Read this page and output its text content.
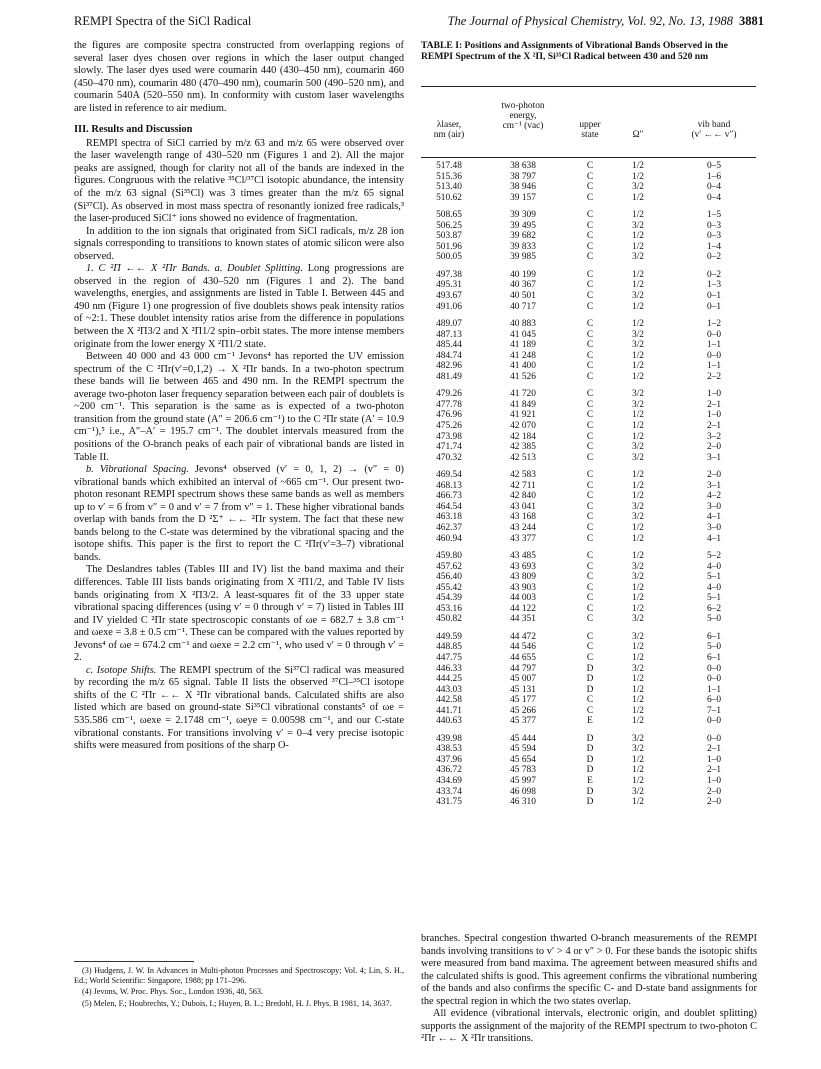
REMPI Spectra of the SiCl Radical	The Journal of Physical Chemistry, Vol. 92, No. 13, 1988 3881

the figures are composite spectra constructed from overlapping regions of several laser dyes chosen over regions in which the laser output changed slowly. The laser dyes used were coumarin 440 (430–450 nm), coumarin 460 (450–470 nm), coumarin 480 (470–490 nm), coumarin 500 (490–520 nm), and coumarin 540A (520–550 nm). In conformity with custom laser wavelengths are listed in reference to air medium.

III. Results and Discussion

REMPI spectra of SiCl carried by m/z 63 and m/z 65 were observed over the laser wavelength range of 430–520 nm (Figures 1 and 2). All the major peaks are assigned, though for clarity not all of the bands are indexed in the figures. Congruous with the relative ³⁵Cl/³⁷Cl isotopic abundance, the intensity of the m/z 63 signal (Si³⁵Cl) was 3 times greater than the m/z 65 signal (Si³⁷Cl). As observed in most mass spectra of resonantly ionized free radicals,³ the laser-produced SiCl⁺ ions showed no evidence of fragmentation.

In addition to the ion signals that originated from SiCl radicals, m/z 28 ion signals corresponding to transitions to known states of atomic silicon were also observed.

1. C ²Π ←← X ²Πr Bands. a. Doublet Splitting. Long progressions are observed in the region of 430–520 nm (Figures 1 and 2). The band wavelengths, energies, and assignments are listed in Table I. Between 445 and 490 nm (Figure 1) one progression of five doublets shows peak intensity ratios of ~2:1. These doublet intensity ratios arise from the difference in populations between the X ²Π3/2 and X ²Π1/2 spin–orbit states. The more intense members originate from the lower energy X ²Π1/2 state.

Between 40 000 and 43 000 cm⁻¹ Jevons⁴ has reported the UV emission spectrum of the C ²Πr(v′=0,1,2) → X ²Πr bands. In a two-photon spectrum these bands will lie between 465 and 490 nm. In the REMPI spectrum the average two-photon laser frequency separation between each pair of doublets is ~200 cm⁻¹. This separation is the same as is expected of a two-photon transition from the ground state (A″ = 206.6 cm⁻¹) to the C ²Πr state (A′ = 10.9 cm⁻¹),⁵ i.e., A″–A′ = 195.7 cm⁻¹. The doublet intervals measured from the positions of the O-branch peaks of each pair of vibrational bands are listed in Table II.

b. Vibrational Spacing. Jevons⁴ observed (v′ = 0, 1, 2) → (v″ = 0) vibrational bands which exhibited an interval of ~665 cm⁻¹. Our present two-photon resonant REMPI spectrum shows these same bands as well as members up to v′ = 6 from v″ = 0 and v′ = 7 from v″ = 1. These higher vibrational bands overlap with bands from the D ²Σ⁺ ←← ²Πr system. The fact that these new bands belong to the C-state was determined by the vibrational spacing and the isotope shifts. This paper is the first to report the C ²Πr(v′=3–7) vibrational bands.

The Deslandres tables (Tables III and IV) list the band maxima and their differences. Table III lists bands originating from X ²Π1/2, and Table IV lists bands originating from X ²Π3/2. A least-squares fit of the 33 upper state vibrational spacing differences (using v′ = 0 through v′ = 7) listed in Tables III and IV yielded C ²Πr state spectroscopic constants of ωe = 682.7 ± 3.8 cm⁻¹ and ωexe = 3.8 ± 0.5 cm⁻¹. These can be compared with the values reported by Jevons⁴ of ωe = 674.2 cm⁻¹ and ωexe = 2.2 cm⁻¹, who used v′ = 0 through v′ = 2.

c. Isotope Shifts. The REMPI spectrum of the Si³⁷Cl radical was measured by recording the m/z 65 signal. Table II lists the observed ³⁷Cl–³⁵Cl isotope shifts of the C ²Πr ←← X ²Πr vibrational bands. Calculated shifts are also listed which are based on ground-state Si³⁵Cl vibrational constants⁵ of ωe = 535.586 cm⁻¹, ωexe = 2.1748 cm⁻¹, ωeye = 0.00598 cm⁻¹, and our C-state vibrational constants. For transitions involving v′ = 0–4 very precise isotopic shifts were measured from positions of the sharp O-

(3) Hudgens, J. W. In Advances in Multi-photon Processes and Spectroscopy; Vol. 4; Lin, S. H., Ed.; World Scientific: Singapore, 1988; pp 171–296.

(4) Jevons, W. Proc. Phys. Soc., London 1936, 48, 563.

(5) Melen, F.; Houbrechts, Y.; Dubois, I.; Huyen, B. L.; Bredohl, H. J. Phys. B 1981, 14, 3637.

TABLE I: Positions and Assignments of Vibrational Bands Observed in the REMPI Spectrum of the X ²Π, Si³⁵Cl Radical between 430 and 520 nm
λlaser,
nm (air)
two-photon
energy,
cm⁻¹ (vac)	upper
state	Ω″
vib band
(v′ ←← v″)
517.48	38 638	C	1/2	0–5
515.36	38 797	C	1/2	1–6
513.40	38 946	C	3/2	0–4
510.62	39 157	C	1/2	0–4
508.65	39 309	C	1/2	1–5
506.25	39 495	C	3/2	0–3
503.87	39 682	C	1/2	0–3
501.96	39 833	C	1/2	1–4
500.05	39 985	C	3/2	0–2
497.38	40 199	C	1/2	0–2
495.31	40 367	C	1/2	1–3
493.67	40 501	C	3/2	0–1
491.06	40 717	C	1/2	0–1
489.07	40 883	C	1/2	1–2
487.13	41 045	C	3/2	0–0
485.44	41 189	C	3/2	1–1
484.74	41 248	C	1/2	0–0
482.96	41 400	C	1/2	1–1
481.49	41 526	C	1/2	2–2
479.26	41 720	C	3/2	1–0
477.78	41 849	C	3/2	2–1
476.96	41 921	C	1/2	1–0
475.26	42 070	C	1/2	2–1
473.98	42 184	C	1/2	3–2
471.74	42 385	C	3/2	2–0
470.32	42 513	C	3/2	3–1
469.54	42 583	C	1/2	2–0
468.13	42 711	C	1/2	3–1
466.73	42 840	C	1/2	4–2
464.54	43 041	C	3/2	3–0
463.18	43 168	C	3/2	4–1
462.37	43 244	C	1/2	3–0
460.94	43 377	C	1/2	4–1
459.80	43 485	C	1/2	5–2
457.62	43 693	C	3/2	4–0
456.40	43 809	C	3/2	5–1
455.42	43 903	C	1/2	4–0
454.39	44 003	C	1/2	5–1
453.16	44 122	C	1/2	6–2
450.82	44 351	C	3/2	5–0
449.59	44 472	C	3/2	6–1
448.85	44 546	C	1/2	5–0
447.75	44 655	C	1/2	6–1
446.33	44 797	D	3/2	0–0
444.25	45 007	D	1/2	0–0
443.03	45 131	D	1/2	1–1
442.58	45 177	C	1/2	6–0
441.71	45 266	C	1/2	7–1
440.63	45 377	E	1/2	0–0
439.98	45 444	D	3/2	0–0
438.53	45 594	D	3/2	2–1
437.96	45 654	D	1/2	1–0
436.72	45 783	D	1/2	2–1
434.69	45 997	E	1/2	1–0
433.74	46 098	D	3/2	2–0
431.75	46 310	D	1/2	2–0

branches. Spectral congestion thwarted O-branch measurements of the REMPI bands involving transitions to v′ > 4 or v″ > 0. For these bands the isotopic shifts were measured from band maxima. The agreement between measured shifts and the calculated shifts is good. This agreement confirms the vibrational numbering of the bands and also confirms the specific C- and D-state band assignments for the spectral region in which the two states overlap.

All evidence (vibrational intervals, electronic origin, and doublet splitting) supports the assignment of the majority of the REMPI spectrum to two-photon C ²Πr ←← X ²Πr transitions.
